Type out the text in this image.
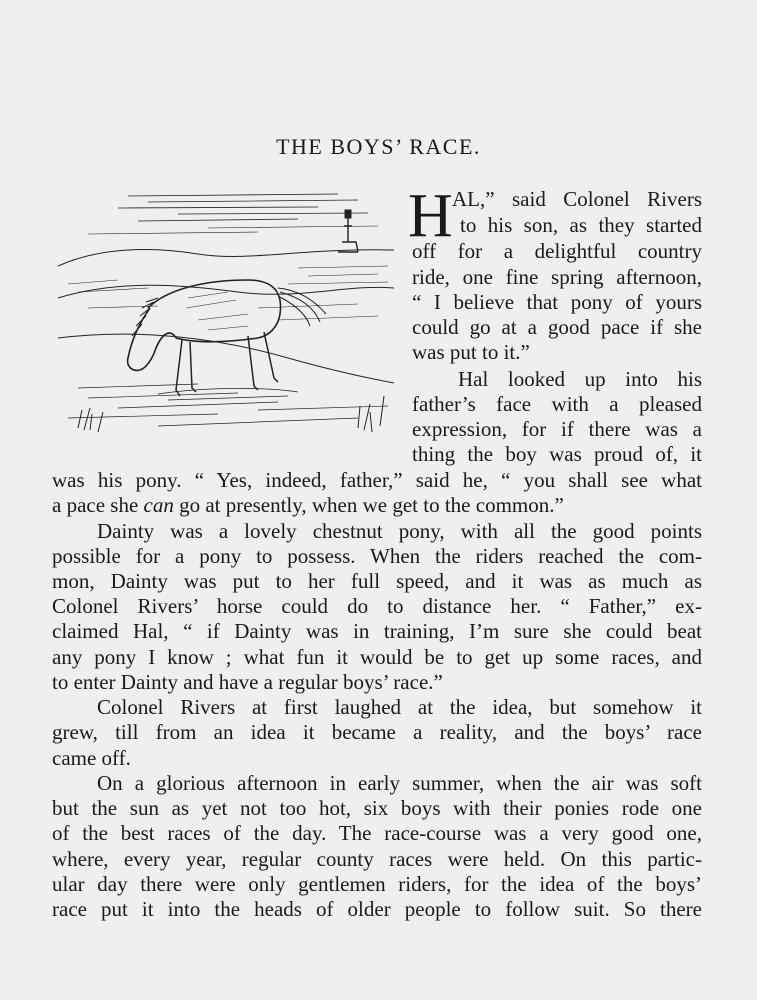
THE BOYS’ RACE.
H AL,” said Colonel Rivers
to his son, as they started
off for a delightful country
ride, one fine spring afternoon,
“ I believe that pony of yours
could go at a good pace if she
was put to it.”
Hal looked up into his
father’s face with a pleased
expression, for if there was a
thing the boy was proud of, it
was his pony. “ Yes, indeed, father,” said he, “ you shall see what
a pace she can go at presently, when we get to the common.”
Dainty was a lovely chestnut pony, with all the good points
possible for a pony to possess. When the riders reached the com-
mon, Dainty was put to her full speed, and it was as much as
Colonel Rivers’ horse could do to distance her. “ Father,” ex-
claimed Hal, “ if Dainty was in training, I’m sure she could beat
any pony I know ; what fun it would be to get up some races, and
to enter Dainty and have a regular boys’ race.”
Colonel Rivers at first laughed at the idea, but somehow it
grew, till from an idea it became a reality, and the boys’ race
came off.
On a glorious afternoon in early summer, when the air was soft
but the sun as yet not too hot, six boys with their ponies rode one
of the best races of the day. The race-course was a very good one,
where, every year, regular county races were held. On this partic-
ular day there were only gentlemen riders, for the idea of the boys’
race put it into the heads of older people to follow suit. So there
